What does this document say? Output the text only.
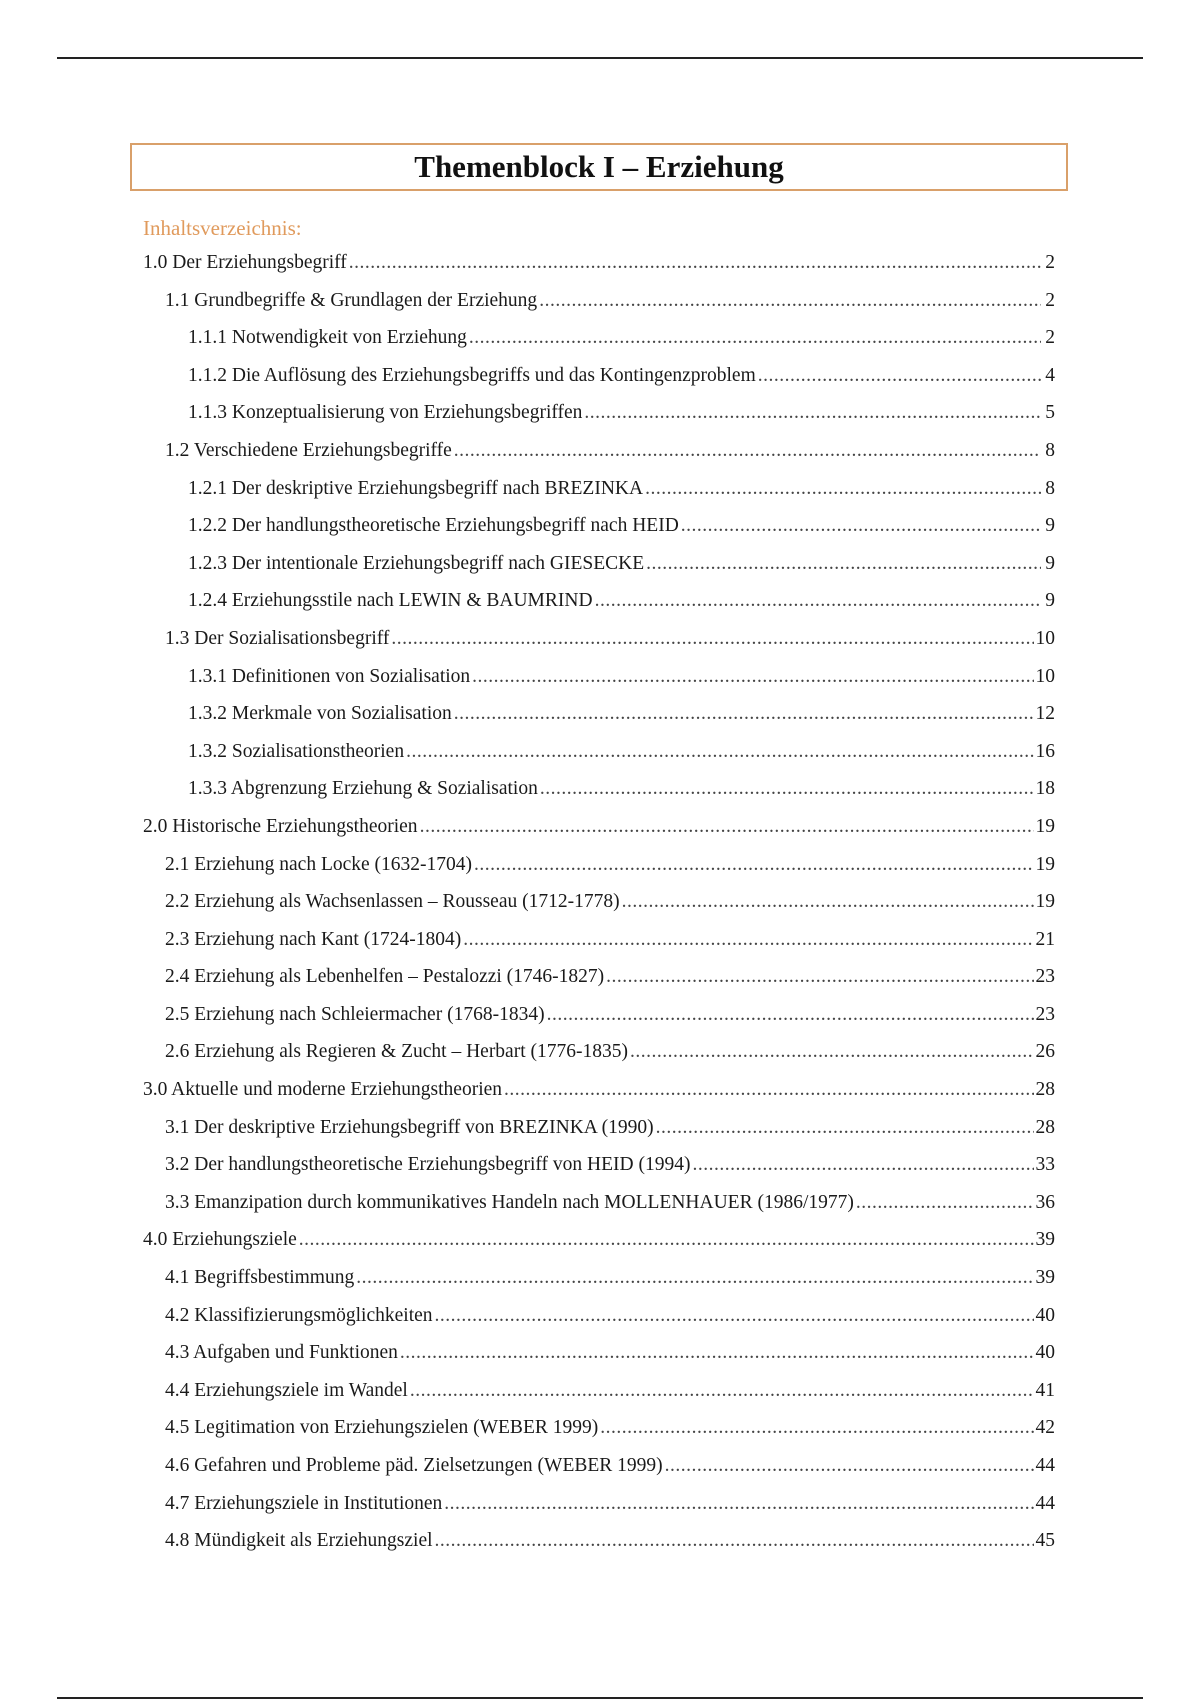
Themenblock I – Erziehung
Inhaltsverzeichnis:
1.0 Der Erziehungsbegriff .....	2
1.1 Grundbegriffe & Grundlagen der Erziehung .....	2
1.1.1 Notwendigkeit von Erziehung .....	2
1.1.2 Die Auflösung des Erziehungsbegriffs und das Kontingenzproblem .....	4
1.1.3 Konzeptualisierung von Erziehungsbegriffen .....	5
1.2 Verschiedene Erziehungsbegriffe .....	8
1.2.1 Der deskriptive Erziehungsbegriff nach BREZINKA .....	8
1.2.2 Der handlungstheoretische Erziehungsbegriff nach HEID .....	9
1.2.3 Der intentionale Erziehungsbegriff nach GIESECKE .....	9
1.2.4 Erziehungsstile nach LEWIN & BAUMRIND .....	9
1.3 Der Sozialisationsbegriff .....	10
1.3.1 Definitionen von Sozialisation .....	10
1.3.2 Merkmale von Sozialisation .....	12
1.3.2 Sozialisationstheorien .....	16
1.3.3 Abgrenzung Erziehung & Sozialisation .....	18
2.0 Historische Erziehungstheorien .....	19
2.1 Erziehung nach Locke (1632-1704) .....	19
2.2 Erziehung als Wachsenlassen – Rousseau (1712-1778) .....	19
2.3 Erziehung nach Kant (1724-1804) .....	21
2.4 Erziehung als Lebenhelfen – Pestalozzi (1746-1827) .....	23
2.5 Erziehung nach Schleiermacher (1768-1834) .....	23
2.6 Erziehung als Regieren & Zucht – Herbart (1776-1835) .....	26
3.0 Aktuelle und moderne Erziehungstheorien .....	28
3.1 Der deskriptive Erziehungsbegriff von BREZINKA (1990) .....	28
3.2 Der handlungstheoretische Erziehungsbegriff von HEID (1994) .....	33
3.3 Emanzipation durch kommunikatives Handeln nach MOLLENHAUER (1986/1977) .....	36
4.0 Erziehungsziele .....	39
4.1 Begriffsbestimmung .....	39
4.2 Klassifizierungsmöglichkeiten .....	40
4.3 Aufgaben und Funktionen .....	40
4.4 Erziehungsziele im Wandel .....	41
4.5 Legitimation von Erziehungszielen (WEBER 1999) .....	42
4.6 Gefahren und Probleme päd. Zielsetzungen (WEBER 1999) .....	44
4.7 Erziehungsziele in Institutionen .....	44
4.8 Mündigkeit als Erziehungsziel .....	45
